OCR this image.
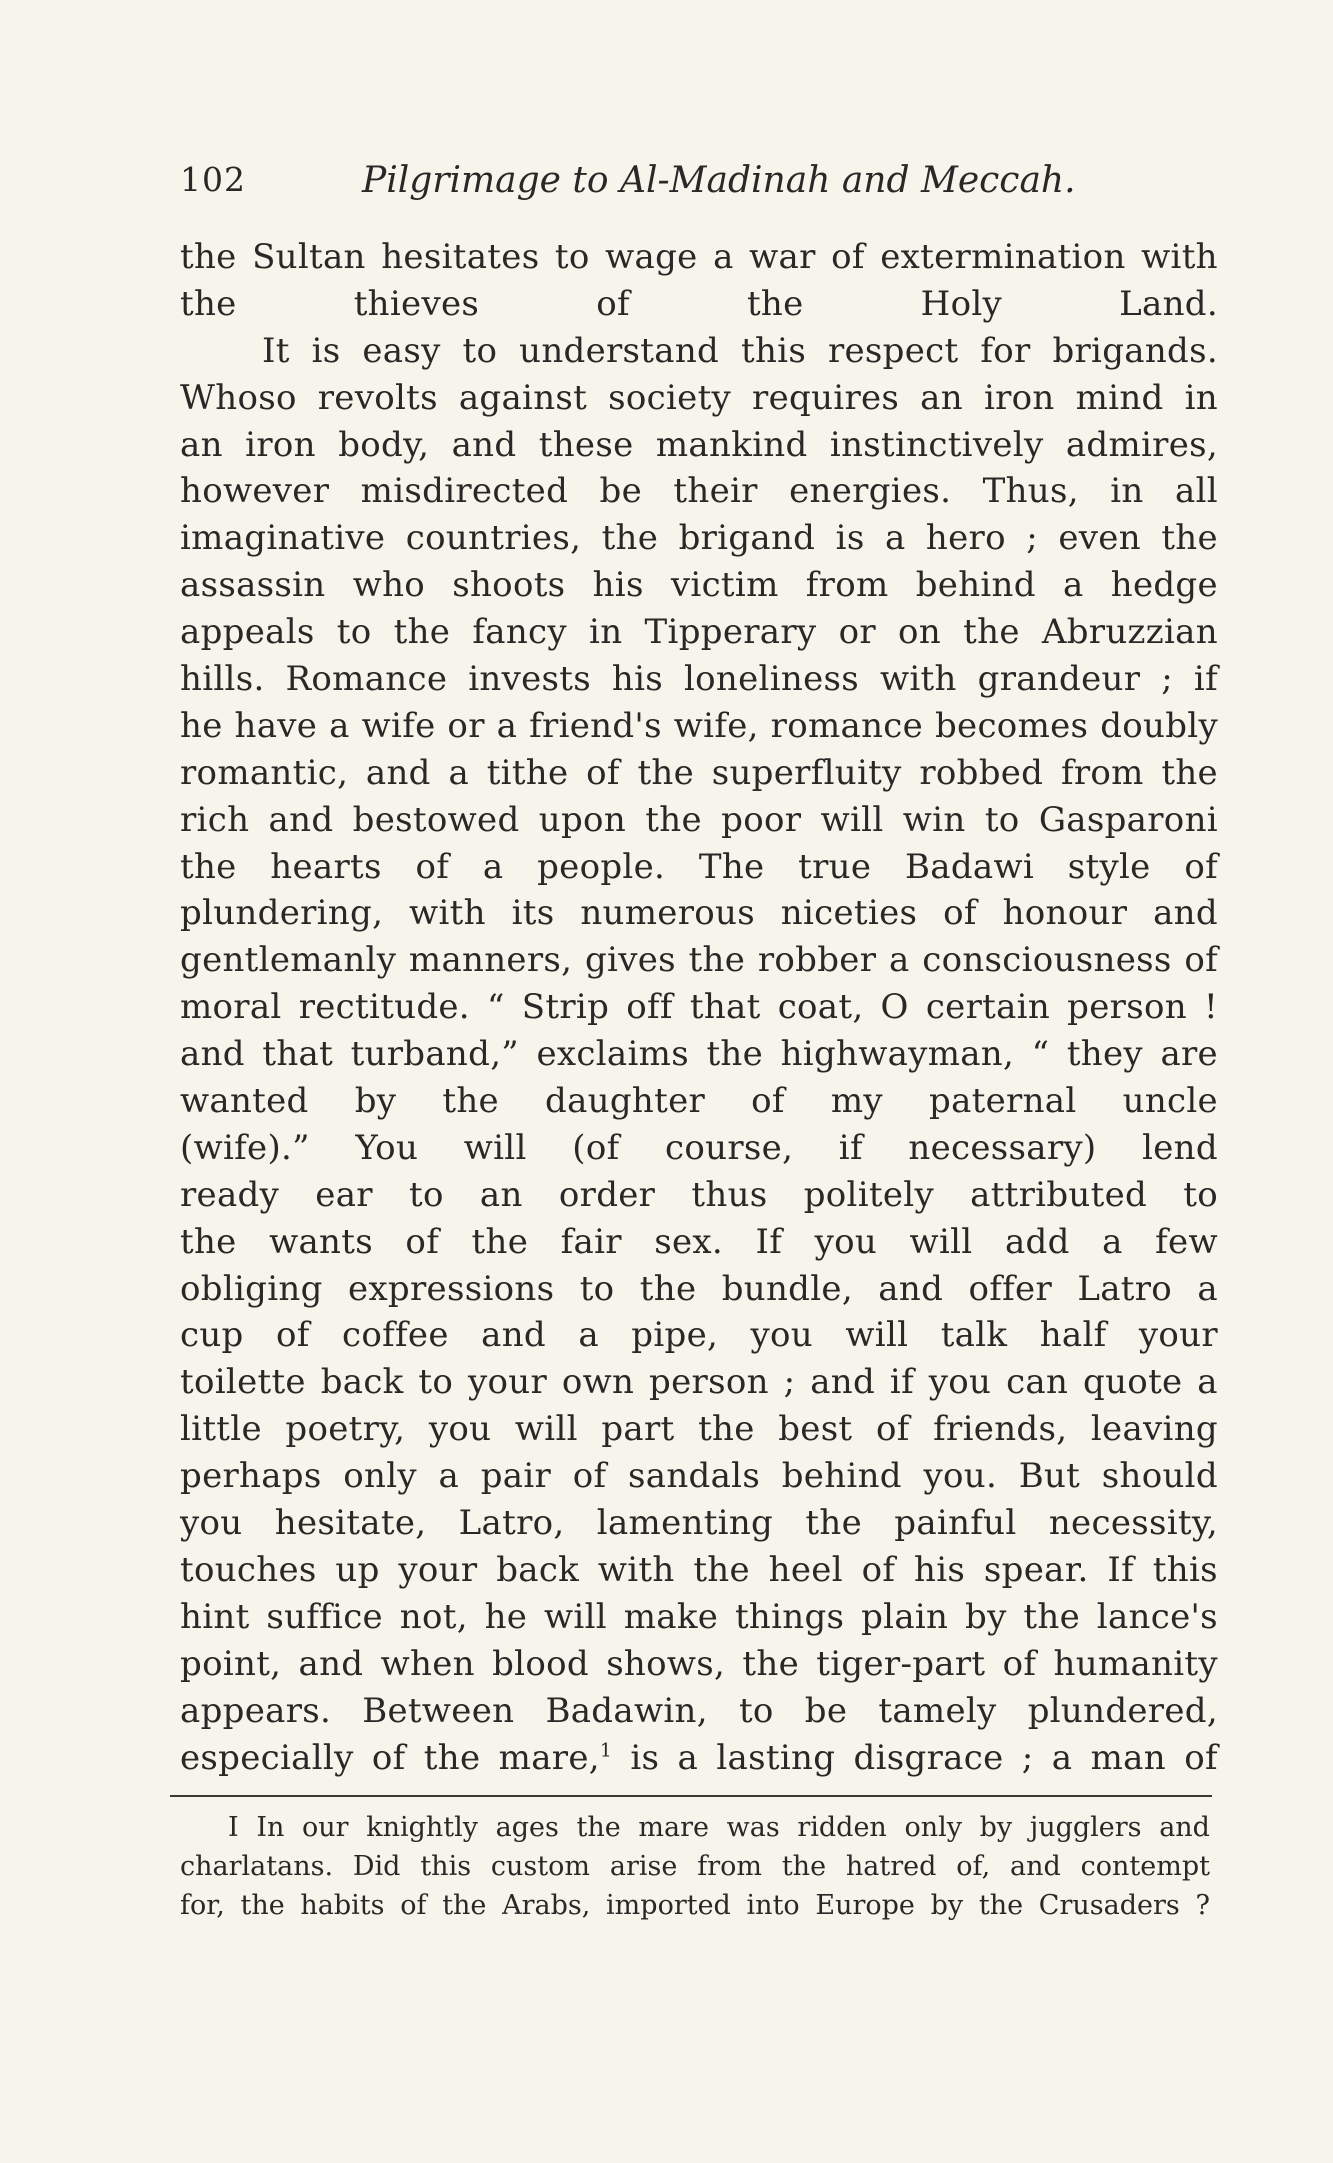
102	Pilgrimage to Al-Madinah and Meccah.
the Sultan hesitates to wage a war of extermination with
the	thieves	of	the	Holy	Land.
It is easy to understand this respect for brigands.
Whoso revolts against society requires an iron mind in
an iron body, and these mankind instinctively admires,
however misdirected be their energies. Thus, in all
imaginative countries, the brigand is a hero ; even the
assassin who shoots his victim from behind a hedge
appeals to the fancy in Tipperary or on the Abruzzian
hills. Romance invests his loneliness with grandeur ; if
he have a wife or a friend's wife, romance becomes doubly
romantic, and a tithe of the superfluity robbed from the
rich and bestowed upon the poor will win to Gasparoni
the hearts of a people. The true Badawi style of
plundering, with its numerous niceties of honour and
gentlemanly manners, gives the robber a consciousness of
moral rectitude. “ Strip off that coat, O certain person !
and that turband,” exclaims the highwayman, “ they are
wanted by the daughter of my paternal uncle
(wife).” You will (of course, if necessary) lend
ready ear to an order thus politely attributed to
the wants of the fair sex. If you will add a few
obliging expressions to the bundle, and offer Latro a
cup of coffee and a pipe, you will talk half your
toilette back to your own person ; and if you can quote a
little poetry, you will part the best of friends, leaving
perhaps only a pair of sandals behind you. But should
you hesitate, Latro, lamenting the painful necessity,
touches up your back with the heel of his spear. If this
hint suffice not, he will make things plain by the lance's
point, and when blood shows, the tiger-part of humanity
appears. Between Badawin, to be tamely plundered,
especially of the mare,$^1$ is a lasting disgrace ; a man of
I In our knightly ages the mare was ridden only by jugglers and
charlatans. Did this custom arise from the hatred of, and contempt
for, the habits of the Arabs, imported into Europe by the Crusaders ?
